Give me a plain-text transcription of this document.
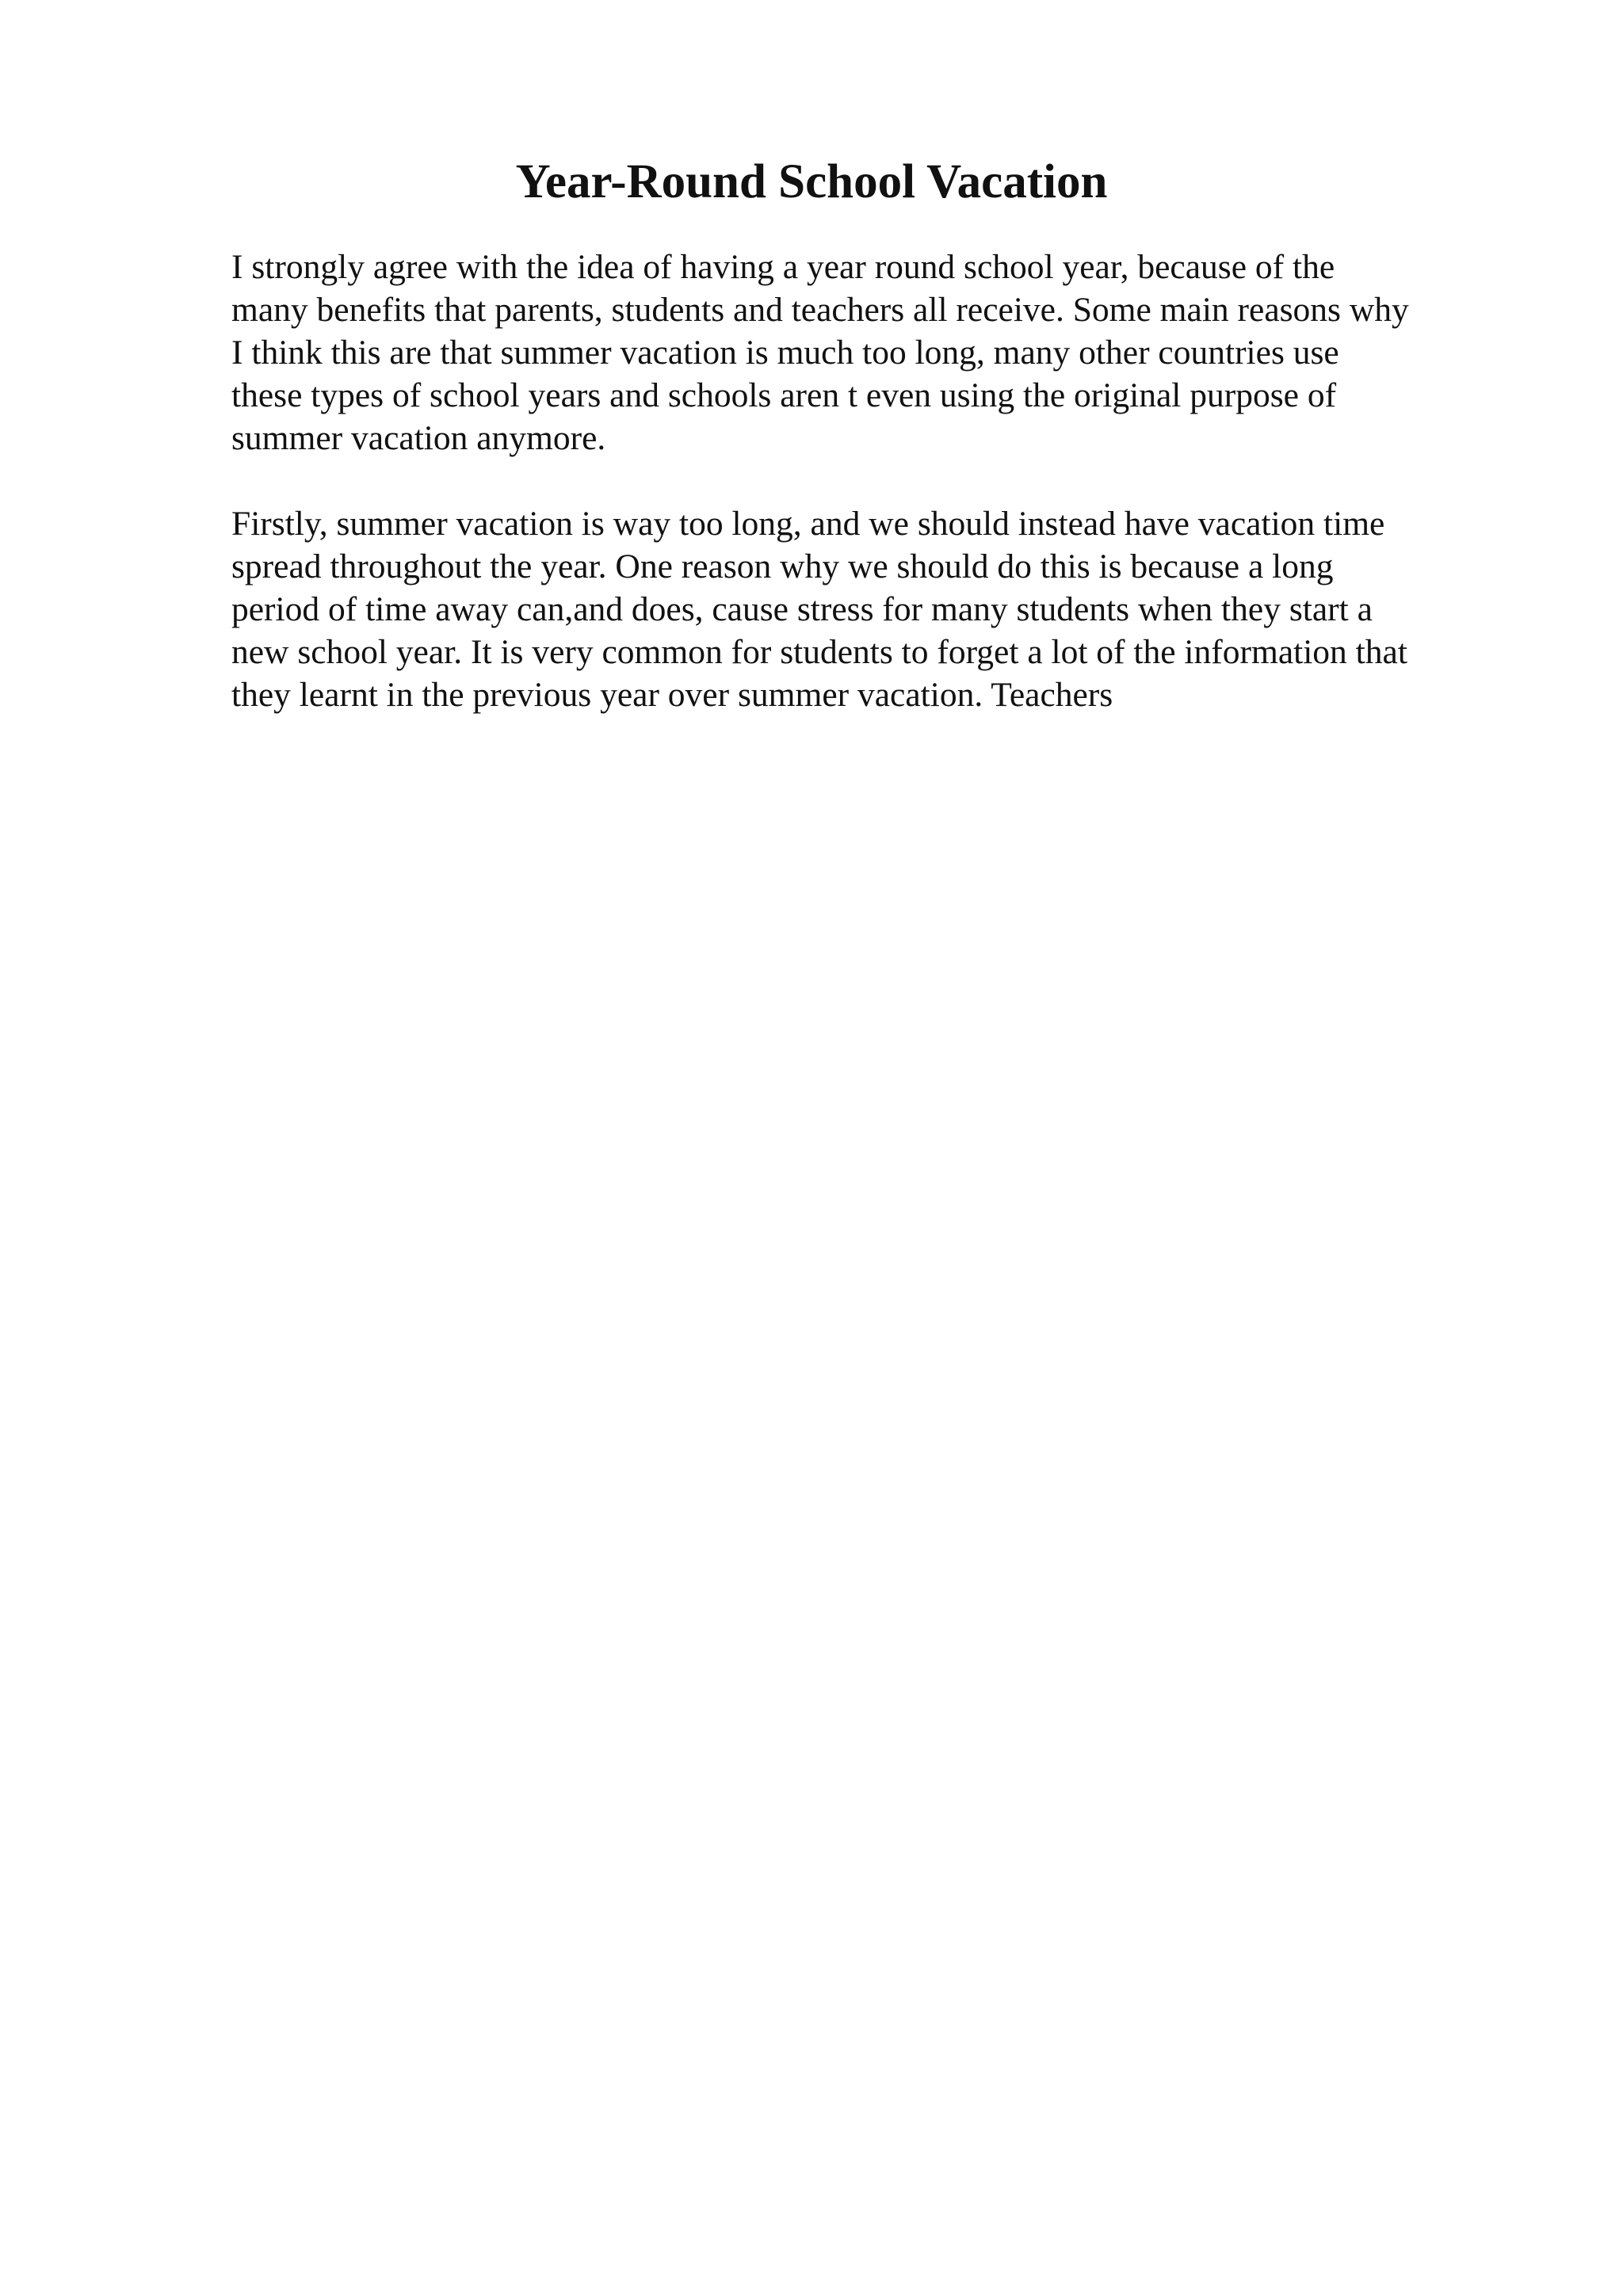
Year-Round School Vacation

I strongly agree with the idea of having a year round school year, because of the
many benefits that parents, students and teachers all receive. Some main reasons why
I think this are that summer vacation is much too long, many other countries use
these types of school years and schools aren t even using the original purpose of
summer vacation anymore.

Firstly, summer vacation is way too long, and we should instead have vacation time
spread throughout the year. One reason why we should do this is because a long
period of time away can,and does, cause stress for many students when they start a
new school year. It is very common for students to forget a lot of the information that
they learnt in the previous year over summer vacation. Teachers
